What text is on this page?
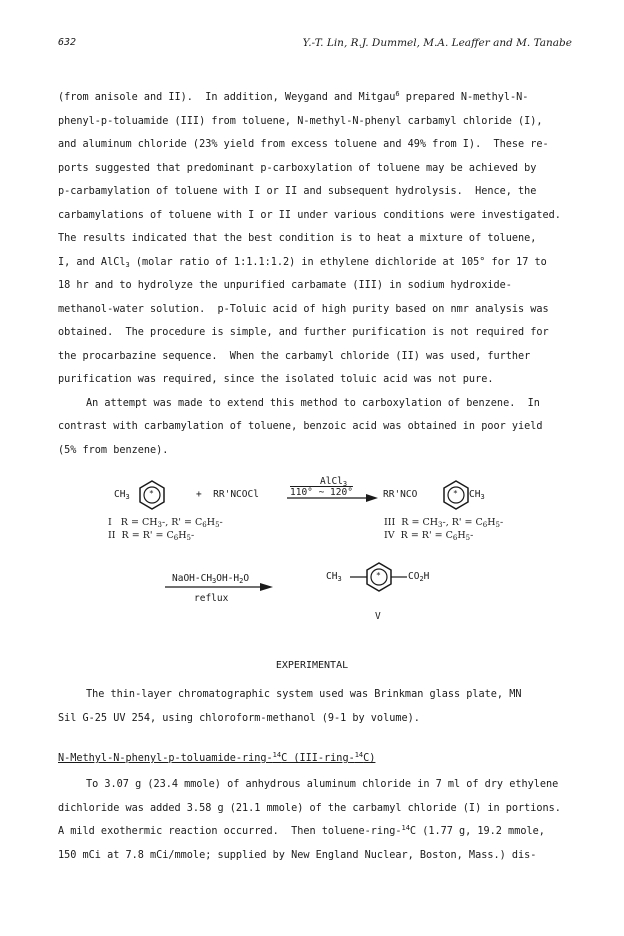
632	Y.-T. Lin, R.J. Dummel, M.A. Leaffer and M. Tanabe
(from anisole and II).  In addition, Weygand and Mitgau$^6$ prepared N-methyl-N-
phenyl-p-toluamide (III) from toluene, N-methyl-N-phenyl carbamyl chloride (I),
and aluminum chloride (23% yield from excess toluene and 49% from I).  These re-
ports suggested that predominant p-carboxylation of toluene may be achieved by
p-carbamylation of toluene with I or II and subsequent hydrolysis.  Hence, the
carbamylations of toluene with I or II under various conditions were investigated.
The results indicated that the best condition is to heat a mixture of toluene,
I, and AlCl$_3$ (molar ratio of 1:1.1:1.2) in ethylene dichloride at 105° for 17 to
18 hr and to hydrolyze the unpurified carbamate (III) in sodium hydroxide-
methanol-water solution.  p-Toluic acid of high purity based on nmr analysis was
obtained.  The procedure is simple, and further purification is not required for
the procarbazine sequence.  When the carbamyl chloride (II) was used, further
purification was required, since the isolated toluic acid was not pure.
An attempt was made to extend this method to carboxylation of benzene.  In
contrast with carbamylation of toluene, benzoic acid was obtained in poor yield
(5% from benzene).
$CH_3$ *	+  RR'NCOCl
AlCl$_3$
110° ~ 120°	RR'NCO	* $CH_3$
I   $R = CH_3-$, $R' = C_6H_5-$
II  $R = R' = C_6H_5-$
III  $R = CH_3-$, $R' = C_6H_5-$
IV  $R = R' = C_6H_5-$
NaOH-$CH_3OH-H_2O$
reflux
$CH_3$	*	$CO_2H$
V
EXPERIMENTAL
The thin-layer chromatographic system used was Brinkman glass plate, MN
Sil G-25 UV 254, using chloroform-methanol (9-1 by volume).
N-Methyl-N-phenyl-p-toluamide-ring-$^{14}$C (III-ring-$^{14}$C)
To 3.07 g (23.4 mmole) of anhydrous aluminum chloride in 7 ml of dry ethylene
dichloride was added 3.58 g (21.1 mmole) of the carbamyl chloride (I) in portions.
A mild exothermic reaction occurred.  Then toluene-ring-$^{14}$C (1.77 g, 19.2 mmole,
150 mCi at 7.8 mCi/mmole; supplied by New England Nuclear, Boston, Mass.) dis-
